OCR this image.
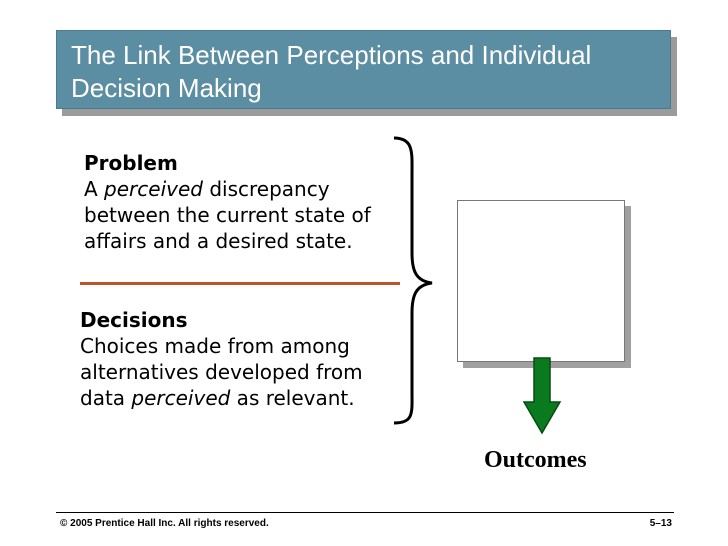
The Link Between Perceptions and Individual
Decision Making
Problem
A perceived discrepancy
between the current state of
affairs and a desired state.
Decisions
Choices made from among
alternatives developed from
data perceived as relevant.
Outcomes
© 2005 Prentice Hall Inc. All rights reserved.	5–13
